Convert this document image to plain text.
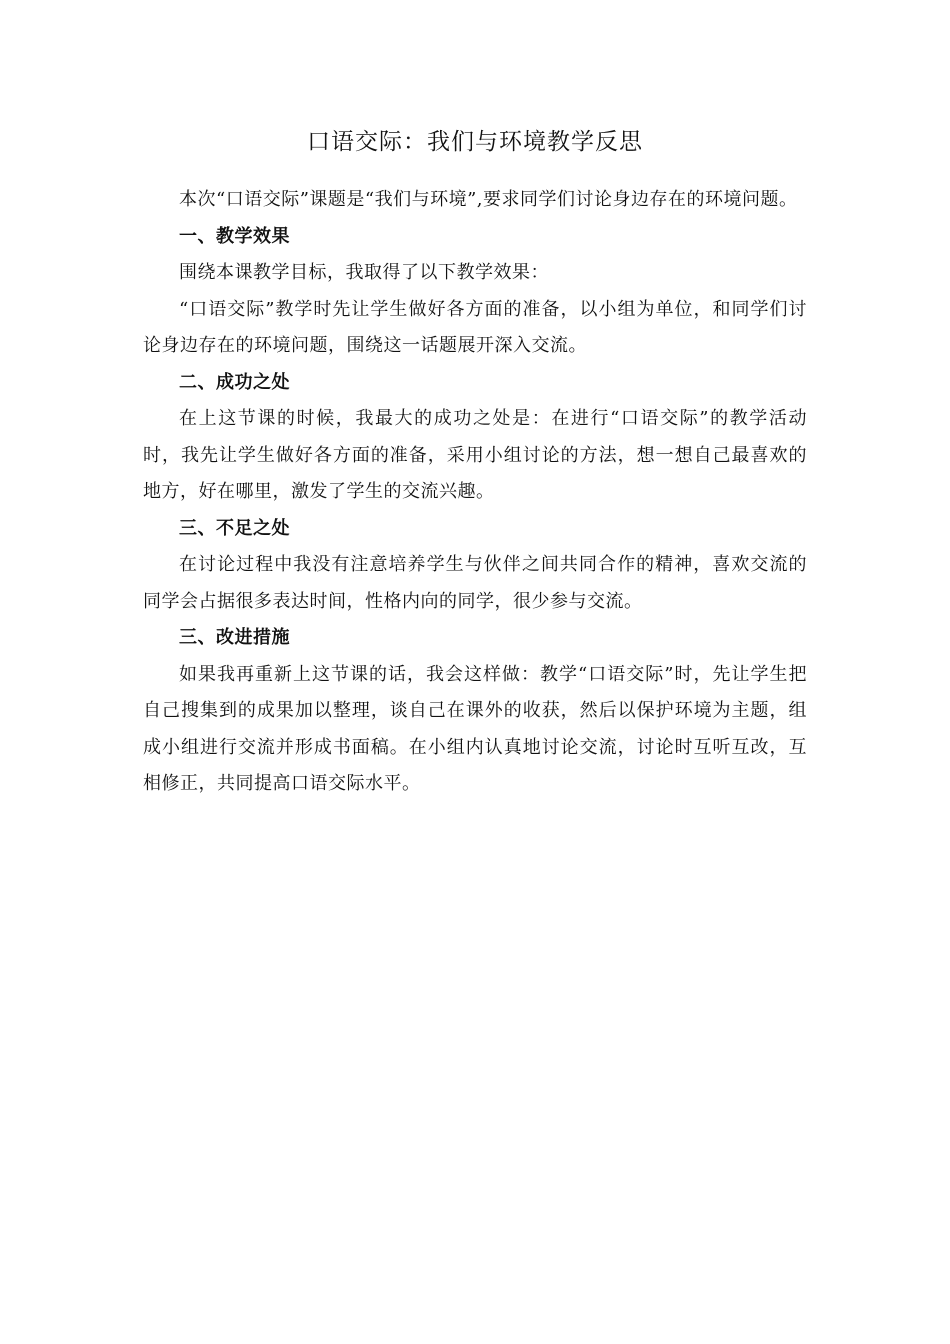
口语交际：我们与环境教学反思

本次“口语交际”课题是“我们与环境”,要求同学们讨论身边存在的环境问题。

一、教学效果

围绕本课教学目标，我取得了以下教学效果：

“口语交际”教学时先让学生做好各方面的准备，以小组为单位，和同学们讨论身边存在的环境问题，围绕这一话题展开深入交流。

二、成功之处

在上这节课的时候，我最大的成功之处是：在进行“口语交际”的教学活动时，我先让学生做好各方面的准备，采用小组讨论的方法，想一想自己最喜欢的地方，好在哪里，激发了学生的交流兴趣。

三、不足之处

在讨论过程中我没有注意培养学生与伙伴之间共同合作的精神，喜欢交流的同学会占据很多表达时间，性格内向的同学，很少参与交流。

三、改进措施

如果我再重新上这节课的话，我会这样做：教学“口语交际”时，先让学生把自己搜集到的成果加以整理，谈自己在课外的收获，然后以保护环境为主题，组成小组进行交流并形成书面稿。在小组内认真地讨论交流，讨论时互听互改，互相修正，共同提高口语交际水平。
